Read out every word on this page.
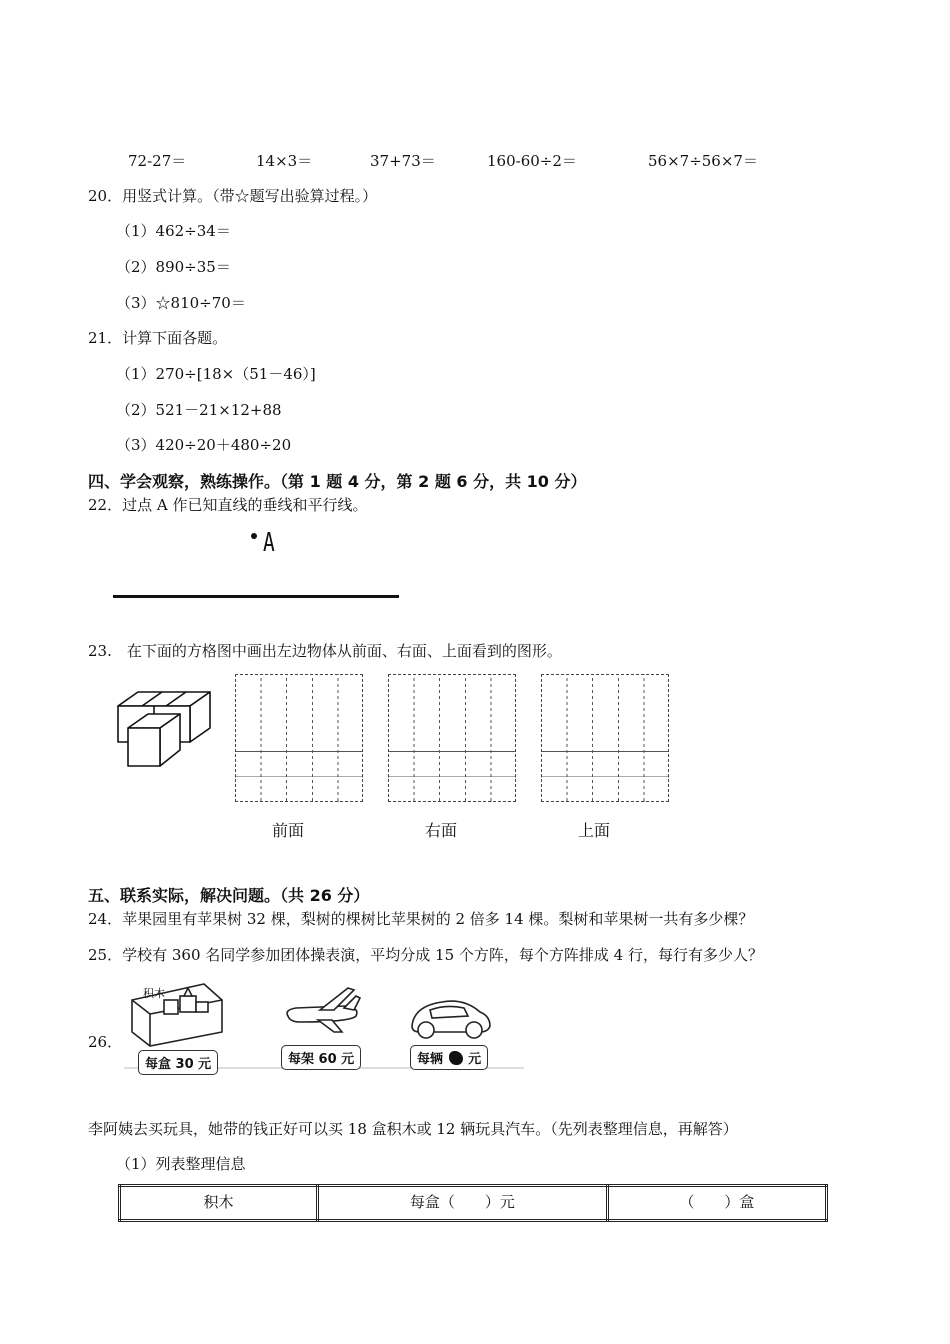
72-27＝	14×3＝	37+73＝	160-60÷2＝	56×7÷56×7＝
20．用竖式计算。（带☆题写出验算过程。）
（1）462÷34＝
（2）890÷35＝
（3）☆810÷70＝
21．计算下面各题。
（1）270÷[18×（51－46）]
（2）521－21×12+88
（3）420÷20＋480÷20
四、学会观察，熟练操作。（第 1 题 4 分，第 2 题 6 分，共 10 分）
22．过点 A 作已知直线的垂线和平行线。
A
23.　在下面的方格图中画出左边物体从前面、右面、上面看到的图形。
前面	右面	上面
五、联系实际，解决问题。（共 26 分）
24．苹果园里有苹果树 32 棵，梨树的棵树比苹果树的 2 倍多 14 棵。梨树和苹果树一共有多少棵？
25．学校有 360 名同学参加团体操表演，平均分成 15 个方阵，每个方阵排成 4 行，每行有多少人？
26．
积木
每盒 30 元	每架 60 元	每辆 元
李阿姨去买玩具，她带的钱正好可以买 18 盒积木或 12 辆玩具汽车。（先列表整理信息，再解答）
（1）列表整理信息
积木	每盒（　　）元	（　　）盒
